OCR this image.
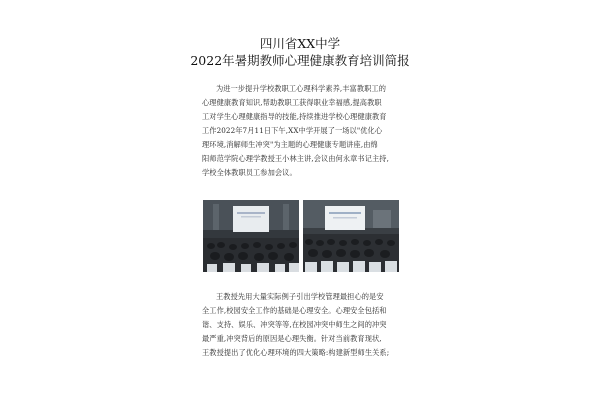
四川省XX中学
2022年暑期教师心理健康教育培训简报
为进一步提升学校教职工心理科学素养,丰富教职工的
心理健康教育知识,帮助教职工获得职业幸福感,提高教职
工对学生心理健康指导的技能,持续推进学校心理健康教育
工作2022年7月11日下午,XX中学开展了一场以"优化心
理环境,消解师生冲突"为主题的心理健康专题讲座,由绵
阳师范学院心理学教授王小林主讲,会议由何永章书记主持,
学校全体教职员工参加会议。
王教授先用大量实际例子引出学校管理最担心的是安
全工作,校园安全工作的基础是心理安全。心理安全包括和
谐、支持、娱乐、冲突等等,在校园冲突中师生之间的冲突
最严重,冲突背后的原因是心理失衡。针对当前教育现状,
王教授提出了优化心理环境的四大策略:构建新型师生关系;
